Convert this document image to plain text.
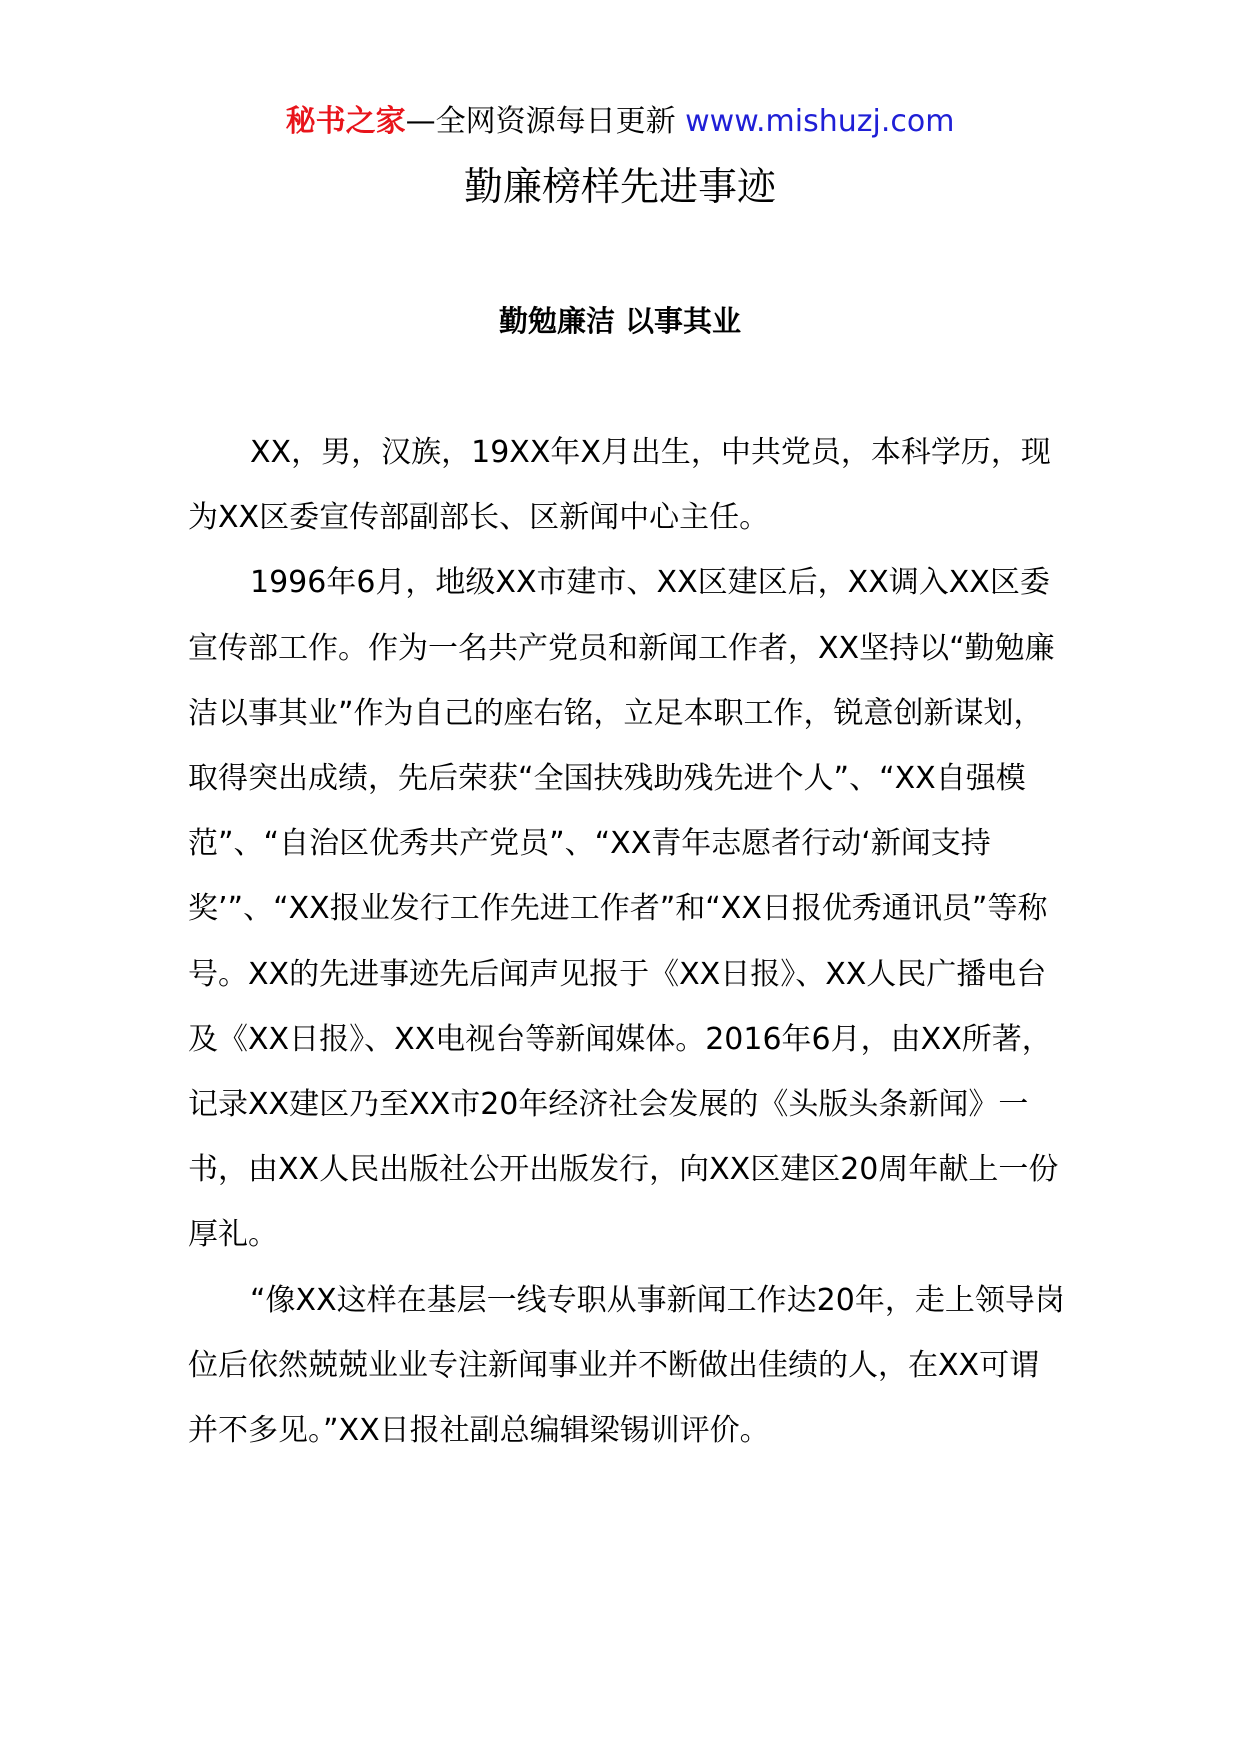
秘书之家—全网资源每日更新 www.mishuzj.com
勤廉榜样先进事迹
勤勉廉洁 以事其业

XX，男，汉族，19XX年X月出生，中共党员，本科学历，现为XX区委宣传部副部长、区新闻中心主任。

1996年6月，地级XX市建市、XX区建区后，XX调入XX区委宣传部工作。作为一名共产党员和新闻工作者，XX坚持以“勤勉廉洁以事其业”作为自己的座右铭，立足本职工作，锐意创新谋划，取得突出成绩，先后荣获“全国扶残助残先进个人”、“XX自强模范”、“自治区优秀共产党员”、“XX青年志愿者行动‘新闻支持奖’”、“XX报业发行工作先进工作者”和“XX日报优秀通讯员”等称号。XX的先进事迹先后闻声见报于《XX日报》、XX人民广播电台及《XX日报》、XX电视台等新闻媒体。2016年6月，由XX所著，记录XX建区乃至XX市20年经济社会发展的《头版头条新闻》一书，由XX人民出版社公开出版发行，向XX区建区20周年献上一份厚礼。

“像XX这样在基层一线专职从事新闻工作达20年，走上领导岗位后依然兢兢业业专注新闻事业并不断做出佳绩的人，在XX可谓并不多见。”XX日报社副总编辑梁锡训评价。
